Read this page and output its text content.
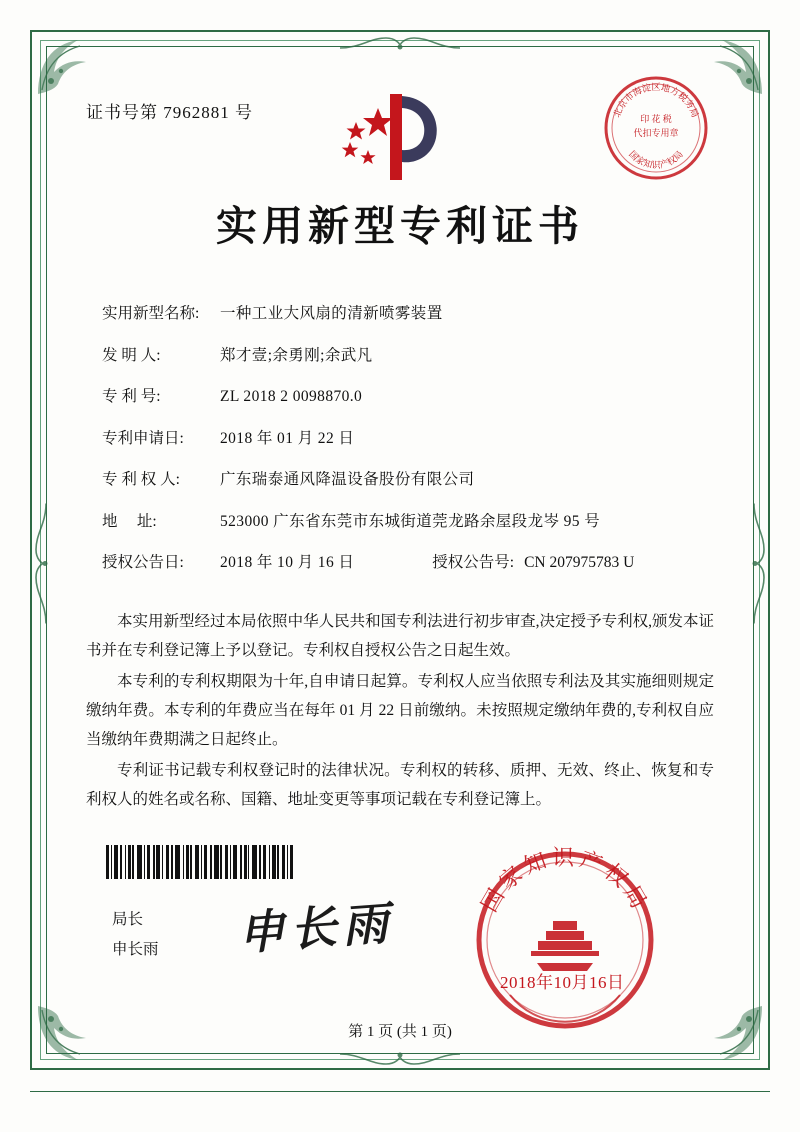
北京市海淀区地方税务局
国家知识产权局
印 花 税
代扣专用章
证书号第 7962881 号
实用新型专利证书
实用新型名称:	一种工业大风扇的清新喷雾装置
发 明 人:	郑才壹;余勇刚;余武凡
专 利 号:	ZL 2018 2 0098870.0
专利申请日:	2018 年 01 月 22 日
专 利 权 人:	广东瑞泰通风降温设备股份有限公司
地     址:	523000 广东省东莞市东城街道莞龙路余屋段龙岑 95 号
授权公告日:	2018 年 10 月 16 日	授权公告号: CN 207975783 U

本实用新型经过本局依照中华人民共和国专利法进行初步审查,决定授予专利权,颁发本证书并在专利登记簿上予以登记。专利权自授权公告之日起生效。

本专利的专利权期限为十年,自申请日起算。专利权人应当依照专利法及其实施细则规定缴纳年费。本专利的年费应当在每年 01 月 22 日前缴纳。未按照规定缴纳年费的,专利权自应当缴纳年费期满之日起终止。

专利证书记载专利权登记时的法律状况。专利权的转移、质押、无效、终止、恢复和专利权人的姓名或名称、国籍、地址变更等事项记载在专利登记簿上。

局长
申长雨 申长雨	国家知识产权局
2018年10月16日
第 1 页 (共 1 页)
